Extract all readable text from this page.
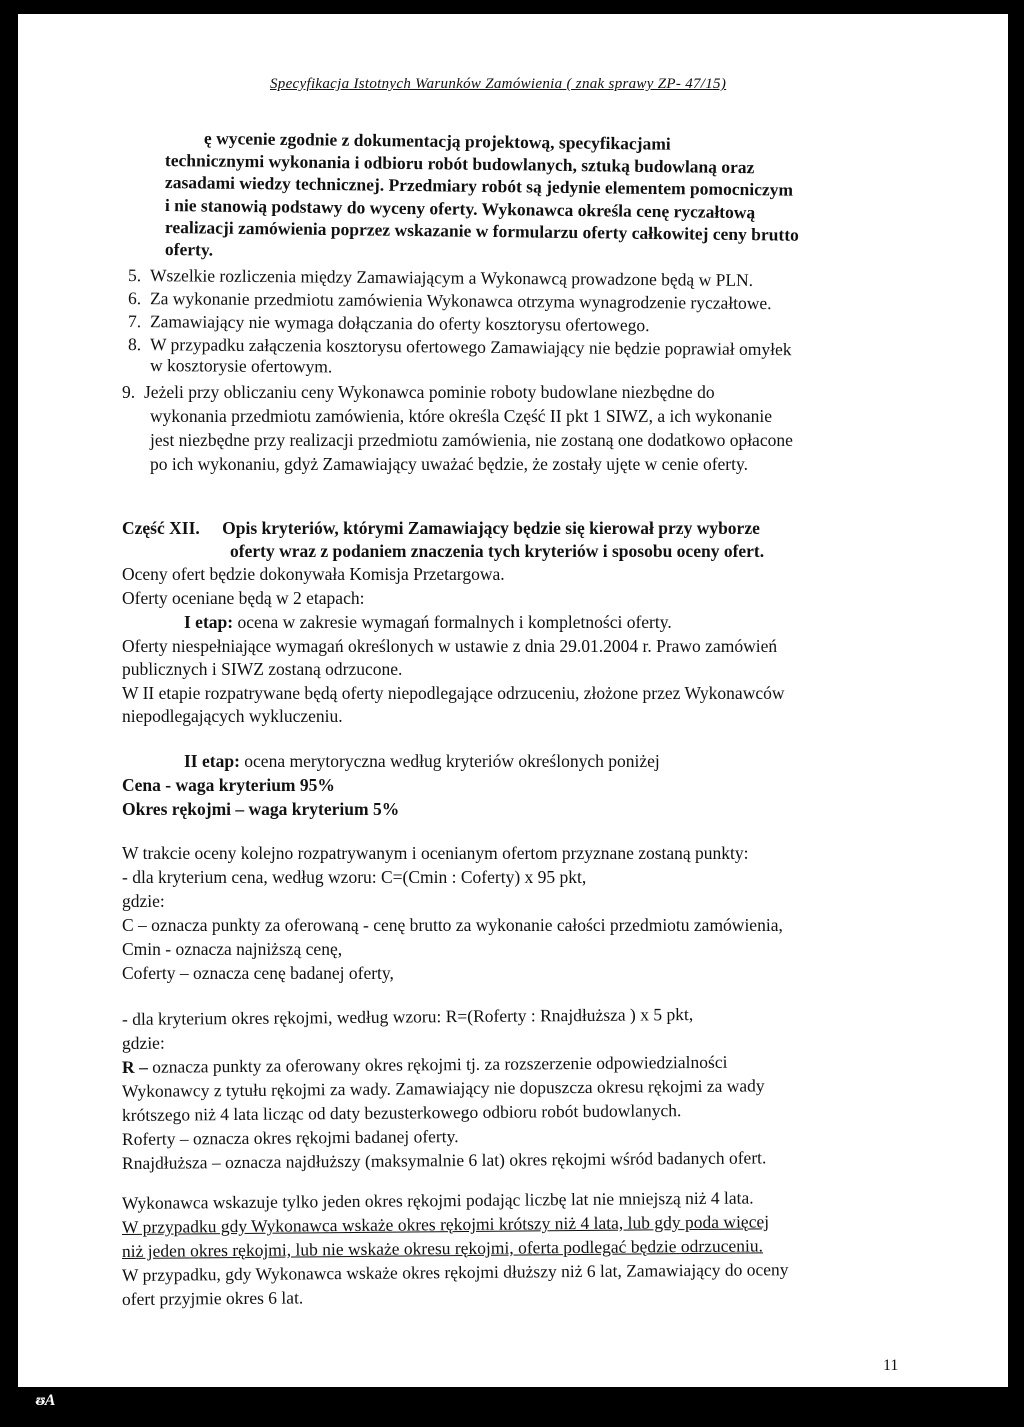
Specyfikacja Istotnych Warunków Zamówienia ( znak sprawy ZP- 47/15)
ę wycenie zgodnie z dokumentacją projektową, specyfikacjami
technicznymi wykonania i odbioru robót budowlanych, sztuką budowlaną oraz
zasadami wiedzy technicznej. Przedmiary robót są jedynie elementem pomocniczym
i nie stanowią podstawy do wyceny oferty. Wykonawca określa cenę ryczałtową
realizacji zamówienia poprzez wskazanie w formularzu oferty całkowitej ceny brutto
oferty.
5. Wszelkie rozliczenia między Zamawiającym a Wykonawcą prowadzone będą w PLN.
6. Za wykonanie przedmiotu zamówienia Wykonawca otrzyma wynagrodzenie ryczałtowe.
7. Zamawiający nie wymaga dołączania do oferty kosztorysu ofertowego.
8. W przypadku załączenia kosztorysu ofertowego Zamawiający nie będzie poprawiał omyłek
w kosztorysie ofertowym.
9. Jeżeli przy obliczaniu ceny Wykonawca pominie roboty budowlane niezbędne do
wykonania przedmiotu zamówienia, które określa Część II pkt 1 SIWZ, a ich wykonanie
jest niezbędne przy realizacji przedmiotu zamówienia, nie zostaną one dodatkowo opłacone
po ich wykonaniu, gdyż Zamawiający uważać będzie, że zostały ujęte w cenie oferty.
Część XII. Opis kryteriów, którymi Zamawiający będzie się kierował przy wyborze
oferty wraz z podaniem znaczenia tych kryteriów i sposobu oceny ofert.
Oceny ofert będzie dokonywała Komisja Przetargowa.
Oferty oceniane będą w 2 etapach:
I etap: ocena w zakresie wymagań formalnych i kompletności oferty.
Oferty niespełniające wymagań określonych w ustawie z dnia 29.01.2004 r. Prawo zamówień
publicznych i SIWZ zostaną odrzucone.
W II etapie rozpatrywane będą oferty niepodlegające odrzuceniu, złożone przez Wykonawców
niepodlegających wykluczeniu.
II etap: ocena merytoryczna według kryteriów określonych poniżej
Cena - waga kryterium 95%
Okres rękojmi – waga kryterium 5%
W trakcie oceny kolejno rozpatrywanym i ocenianym ofertom przyznane zostaną punkty:
- dla kryterium cena, według wzoru: C=(Cmin : Coferty) x 95 pkt,
gdzie:
C – oznacza punkty za oferowaną - cenę brutto za wykonanie całości przedmiotu zamówienia,
Cmin - oznacza najniższą cenę,
Coferty – oznacza cenę badanej oferty,
- dla kryterium okres rękojmi, według wzoru: R=(Roferty : Rnajdłuższa ) x 5 pkt,
gdzie:
R – oznacza punkty za oferowany okres rękojmi tj. za rozszerzenie odpowiedzialności
Wykonawcy z tytułu rękojmi za wady. Zamawiający nie dopuszcza okresu rękojmi za wady
krótszego niż 4 lata licząc od daty bezusterkowego odbioru robót budowlanych.
Roferty – oznacza okres rękojmi badanej oferty.
Rnajdłuższa – oznacza najdłuższy (maksymalnie 6 lat) okres rękojmi wśród badanych ofert.
Wykonawca wskazuje tylko jeden okres rękojmi podając liczbę lat nie mniejszą niż 4 lata.
W przypadku gdy Wykonawca wskaże okres rękojmi krótszy niż 4 lata, lub gdy poda więcej
niż jeden okres rękojmi, lub nie wskaże okresu rękojmi, oferta podlegać będzie odrzuceniu.
W przypadku, gdy Wykonawca wskaże okres rękojmi dłuższy niż 6 lat, Zamawiający do oceny
ofert przyjmie okres 6 lat.
11
ᵿA
